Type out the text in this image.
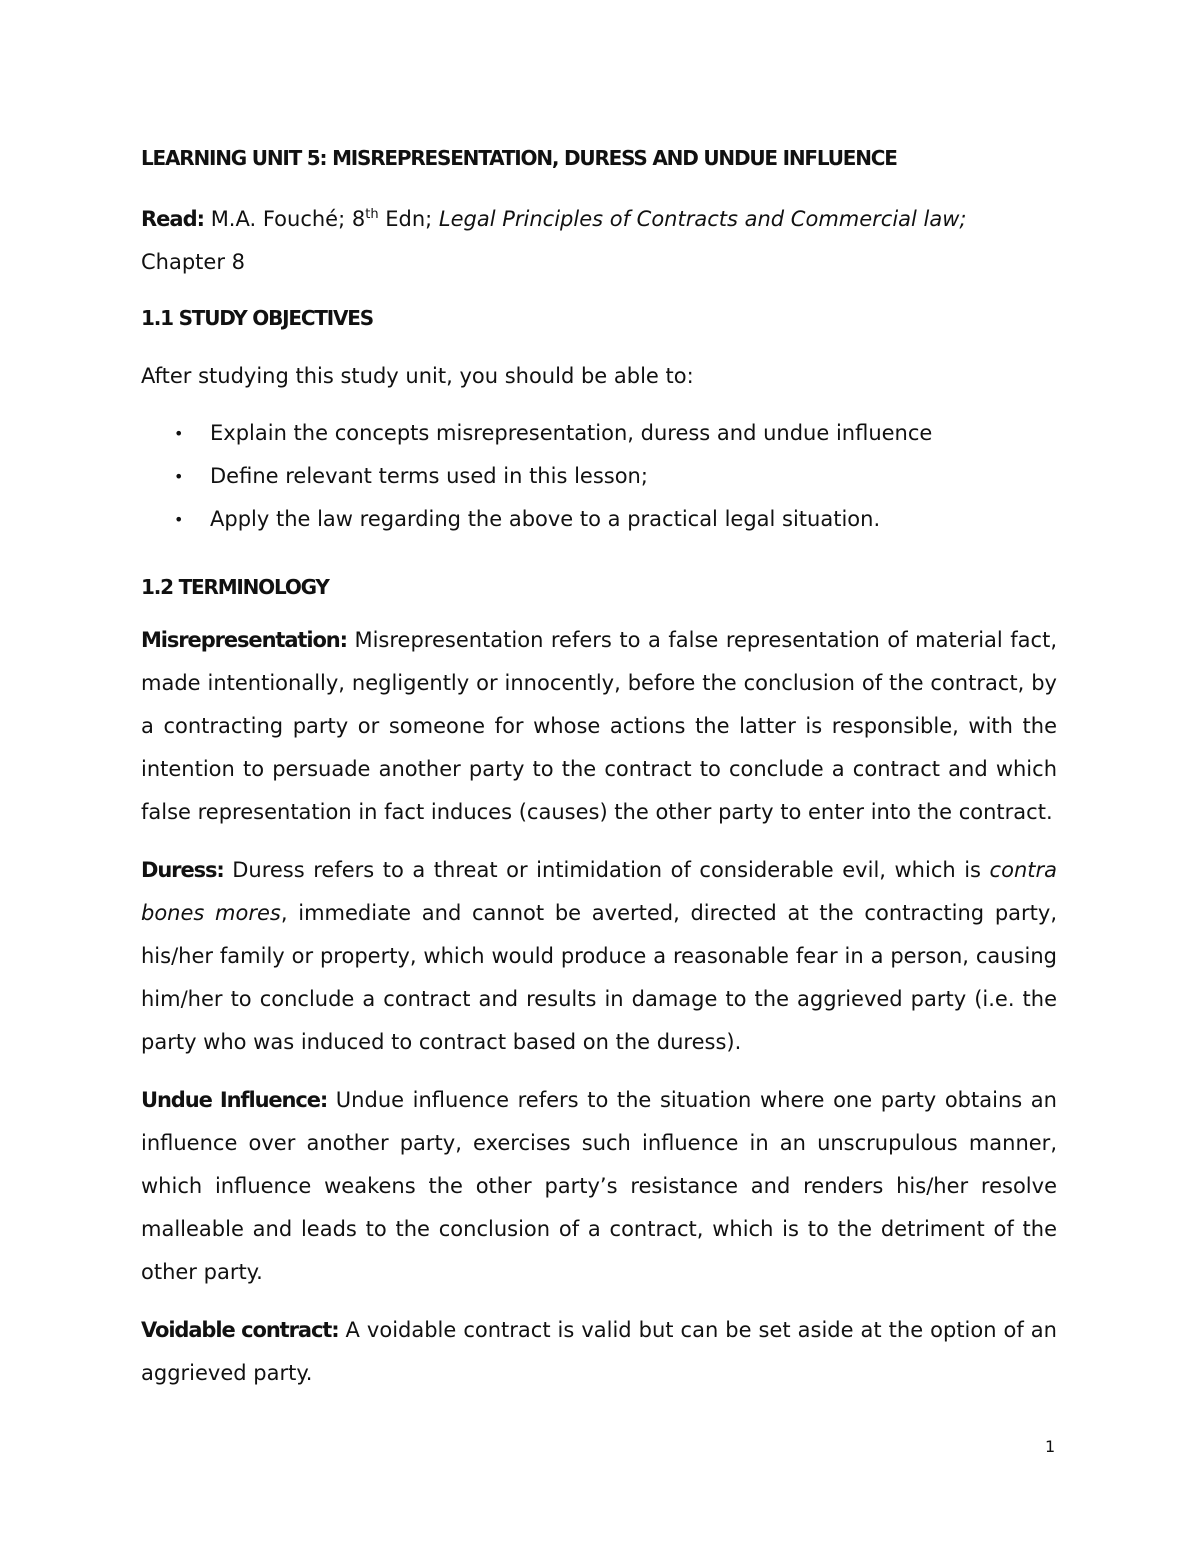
LEARNING UNIT 5: MISREPRESENTATION, DURESS AND UNDUE INFLUENCE
Read: M.A. Fouché; 8th Edn; Legal Principles of Contracts and Commercial law; Chapter 8
1.1 STUDY OBJECTIVES
After studying this study unit, you should be able to:
• Explain the concepts misrepresentation, duress and undue influence
• Define relevant terms used in this lesson;
• Apply the law regarding the above to a practical legal situation.
1.2 TERMINOLOGY

Misrepresentation: Misrepresentation refers to a false representation of material fact, made intentionally, negligently or innocently, before the conclusion of the contract, by a contracting party or someone for whose actions the latter is responsible, with the intention to persuade another party to the contract to conclude a contract and which false representation in fact induces (causes) the other party to enter into the contract.

Duress: Duress refers to a threat or intimidation of considerable evil, which is contra bones mores, immediate and cannot be averted, directed at the contracting party, his/her family or property, which would produce a reasonable fear in a person, causing him/her to conclude a contract and results in damage to the aggrieved party (i.e. the party who was induced to contract based on the duress).

Undue Influence: Undue influence refers to the situation where one party obtains an influence over another party, exercises such influence in an unscrupulous manner, which influence weakens the other party’s resistance and renders his/her resolve malleable and leads to the conclusion of a contract, which is to the detriment of the other party.

Voidable contract: A voidable contract is valid but can be set aside at the option of an aggrieved party.

1
